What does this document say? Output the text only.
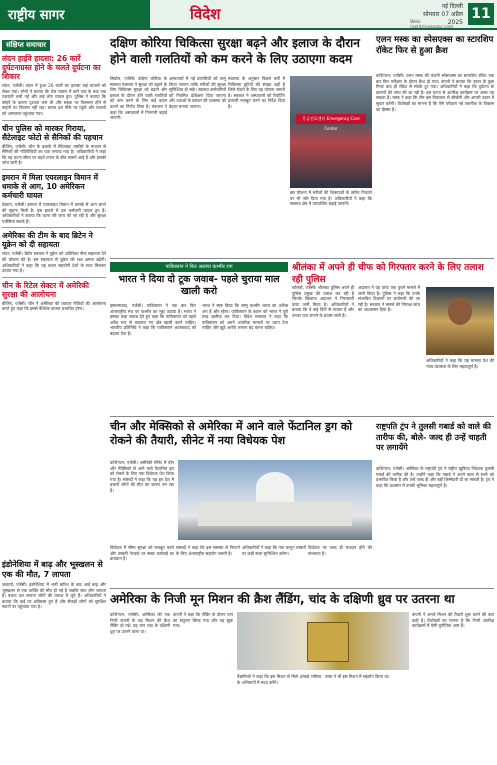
राष्ट्रीय सागर	विदेश	नई दिल्ली
सोमवार 07 अप्रैल 2025
Web:
11
संक्षिप्त समाचार
लंदन हाईवे हादसा: 26 कारें दुर्घटनाग्रस्त होने के चलते दुर्घटना का शिकार

लंदन, एजेंसी। लंदन में हुआ 26 कारों का हादसा कई घायलों को लेकर गया। लोगों ने बताया कि तेज रफ्तार में कारें एक के बाद एक टकराती चली गईं और कई लोग घायल हुए। पुलिस ने बताया कि कोहरे के कारण दृश्यता कम थी और सड़क पर फिसलन होने से वाहनों पर नियंत्रण नहीं रहा। बचाव दल मौके पर पहुंचे और घायलों को अस्पताल पहुंचाया गया।

चीन पुलिस को मारकर गिराया, सैटेलाइट फोटो से सैनिकों की पहचान

बीजिंग, एजेंसी। चीन के इलाके में सैटेलाइट तस्वीरों के माध्यम से सैनिकों की गतिविधियों का पता लगाया गया है। अधिकारियों ने कहा कि यह घटना सीमा पर बढ़ते तनाव के बीच सामने आई है और इसकी जांच जारी है।

इमरान में मिला एयरलाइन विमान में धमाके से आग, 10 अमेरिकन कर्मचारी घायल

तेहरान, एजेंसी। इमरान में एयरलाइन विमान में धमाके से आग लगने की सूचना मिली है। इस हादसे में दस कर्मचारी घायल हुए हैं। अधिकारियों ने बताया कि घटना की जांच की जा रही है और सुरक्षा एजेंसियां सतर्क हैं।

अमेरिका की टीम के बाद ब्रिटेन ने यूक्रेन को दी सहायता

लंदन, एजेंसी। ब्रिटेन सरकार ने यूक्रेन को अतिरिक्त सैन्य सहायता देने की घोषणा की है। इस सहायता से यूक्रेन की रक्षा क्षमता बढ़ेगी। अधिकारियों ने कहा कि यह कदम सहयोगी देशों के साथ मिलकर उठाया गया है।

चीन के रिटेल सेक्टर में अमेरिकी सुरक्षा की आलोचना

बीजिंग, एजेंसी। चीन ने अमेरिका की व्यापार नीतियों की आलोचना करते हुए कहा कि इससे वैश्विक बाजार प्रभावित होगा।

दक्षिण कोरिया चिकित्सा सुरक्षा बढ़ने और इलाज के दौरान
होने वाली गलतियों को कम करने के लिए उठाएगा कदम

सियोल, एजेंसी। दक्षिण कोरिया के स्वास्थ्य मंत्रालय ने सुरक्षा को बढ़ाने के लिए चिकित्सा सुरक्षा को बढ़ाने और इलाज के दौरान होने वाली गलतियों को कम करने के लिए कई कदम उठाने का निर्णय लिया है। मंत्रालय ने कहा कि अस्पतालों में निगरानी बढ़ाई जाएगी।

अस्पतालों में नई प्रणालियों को लागू किया जाएगा ताकि मरीजों की सुरक्षा सुनिश्चित हो सके। स्वास्थ्य कर्मचारियों को नियमित प्रशिक्षण दिया जाएगा और दवाओं के प्रबंधन की व्यवस्था को बेहतर बनाया जाएगा।

मंत्रालय के अनुसार पिछले वर्षों में चिकित्सा त्रुटियों की संख्या बढ़ी है जिसे रोकने के लिए यह योजना जरूरी है। सरकार ने अस्पतालों को रिपोर्टिंग प्रणाली मजबूत करने का निर्देश दिया है।

응급진료센터 Emergency Care Center

इस योजना में मरीजों की शिकायतों के त्वरित निपटारे पर भी जोर दिया गया है। अधिकारियों ने कहा कि स्वास्थ्य क्षेत्र में पारदर्शिता बढ़ाई जाएगी।

एलन मस्क का स्पेसएक्स का स्टारशिप रॉकेट फिर से हुआ क्रैश

वाशिंगटन, एजेंसी। एलन मस्क की कंपनी स्पेसएक्स का स्टारशिप रॉकेट एक बार फिर परीक्षण के दौरान क्रैश हो गया। कंपनी ने बताया कि उड़ान के कुछ मिनट बाद ही रॉकेट से संपर्क टूट गया। अधिकारियों ने कहा कि दुर्घटना के कारणों की जांच की जा रही है। इस घटना से अंतरिक्ष कार्यक्रम पर असर पड़ सकता है। मस्क ने कहा कि टीम इस विफलता से सीखेगी और अगली उड़ान में सुधार करेगी। विशेषज्ञों का मानना है कि ऐसे परीक्षण नई तकनीक के विकास का हिस्सा हैं।

पाकिस्तान ने फिर अलापा कश्मीर राग
भारत ने दिया दो टूक जवाब- पहले चुराया माल खाली करो

इस्लामाबाद, एजेंसी। पाकिस्तान ने एक बार फिर अंतरराष्ट्रीय मंच पर कश्मीर का मुद्दा उठाया है। भारत ने इसका कड़ा जवाब देते हुए कहा कि पाकिस्तान को पहले अवैध रूप से कब्जाए गए क्षेत्र खाली करने चाहिए। भारतीय प्रतिनिधि ने कहा कि पाकिस्तान आतंकवाद को बढ़ावा देता है।

भारत ने स्पष्ट किया कि जम्मू कश्मीर भारत का अभिन्न अंग है और रहेगा। पाकिस्तान के बयान को भारत ने पूरी तरह खारिज कर दिया। विदेश मंत्रालय ने कहा कि पाकिस्तान को अपने आंतरिक मामलों पर ध्यान देना चाहिए और झूठे आरोप लगाना बंद करना चाहिए।

श्रीलंका में अपने ही चीफ को गिरफ्तार करने के लिए तलाश रही पुलिस

कोलंबो, एजेंसी। श्रीलंका पुलिस अपने ही पुलिस प्रमुख की तलाश कर रही है जिनके खिलाफ अदालत ने गिरफ्तारी वारंट जारी किया है। अधिकारियों ने बताया कि वे कई दिनों से लापता हैं और उनका पता लगाने के प्रयास जारी हैं।

अदालत ने यह वारंट एक पुराने मामले में जारी किया है। पुलिस ने कहा कि उनके संभावित ठिकानों पर छापेमारी की जा रही है। सरकार ने मामले की निष्पक्ष जांच का आश्वासन दिया है।

अधिकारियों ने कहा कि यह मामला देश की न्याय व्यवस्था के लिए महत्वपूर्ण है।

चीन और मेक्सिको से अमेरिका में आने वाले फेंटानिल ड्रग को रोकने की तैयारी, सीनेट में नया विधेयक पेश

वाशिंगटन, एजेंसी। अमेरिकी सीनेट में चीन और मेक्सिको से आने वाले फेंटानिल ड्रग को रोकने के लिए नया विधेयक पेश किया गया है। सांसदों ने कहा कि यह ड्रग देश में हजारों लोगों की मौत का कारण बन रहा है।

विधेयक में सीमा सुरक्षा को मजबूत करने और तस्करी नेटवर्क पर सख्त कार्रवाई का प्रावधान है।

सांसदों ने कहा कि इस समस्या से निपटने के लिए अंतरराष्ट्रीय सहयोग जरूरी है।

अधिकारियों ने कहा कि नया कानून तस्करों पर कड़ी सजा सुनिश्चित करेगा।

विधेयक पर जल्द ही मतदान होने की संभावना है।

राष्ट्रपति ट्रंप ने तुलसी गबार्ड को वाले की तारीफ की, बोले- जल्द ही उन्हें चाहती पर लगायेंगे

वाशिंगटन, एजेंसी। अमेरिका के राष्ट्रपति ट्रंप ने राष्ट्रीय खुफिया निदेशक तुलसी गबार्ड की तारीफ की है। उन्होंने कहा कि गबार्ड ने अपने काम से सभी को प्रभावित किया है और उन्हें जल्द ही और बड़ी जिम्मेदारी दी जा सकती है। ट्रंप ने कहा कि प्रशासन में उनकी भूमिका महत्वपूर्ण है।

इंडोनेशिया में बाढ़ और भूस्खलन से एक की मौत, 7 लापता

जकार्ता, एजेंसी। इंडोनेशिया में भारी बारिश के बाद आई बाढ़ और भूस्खलन से एक व्यक्ति की मौत हो गई है जबकि सात लोग लापता हैं। बचाव दल लापता लोगों की तलाश में जुटे हैं। अधिकारियों ने बताया कि कई घर क्षतिग्रस्त हुए हैं और सैकड़ों लोगों को सुरक्षित स्थानों पर पहुंचाया गया है।

अमेरिका के निजी मून मिशन की क्रैश लैंडिंग, चांद के दक्षिणी ध्रुव पर उतरना था

वाशिंगटन, एजेंसी। अमेरिका की एक निजी कंपनी के चंद्र मिशन की क्रैश लैंडिंग हो गई। यह यान चांद के दक्षिणी ध्रुव पर उतरने वाला था।

कंपनी ने कहा कि लैंडिंग के दौरान यान का संतुलन बिगड़ गया और वह झुक गया।

वैज्ञानिकों ने कहा कि इस मिशन से मिले आंकड़े भविष्य के अभियानों में मदद करेंगे।

नासा ने भी इस मिशन में सहयोग किया था।

कंपनी ने अगले मिशन की तैयारी शुरू करने की बात कही है। विशेषज्ञों का मानना है कि निजी अंतरिक्ष कार्यक्रमों में ऐसी चुनौतियां आम हैं।
